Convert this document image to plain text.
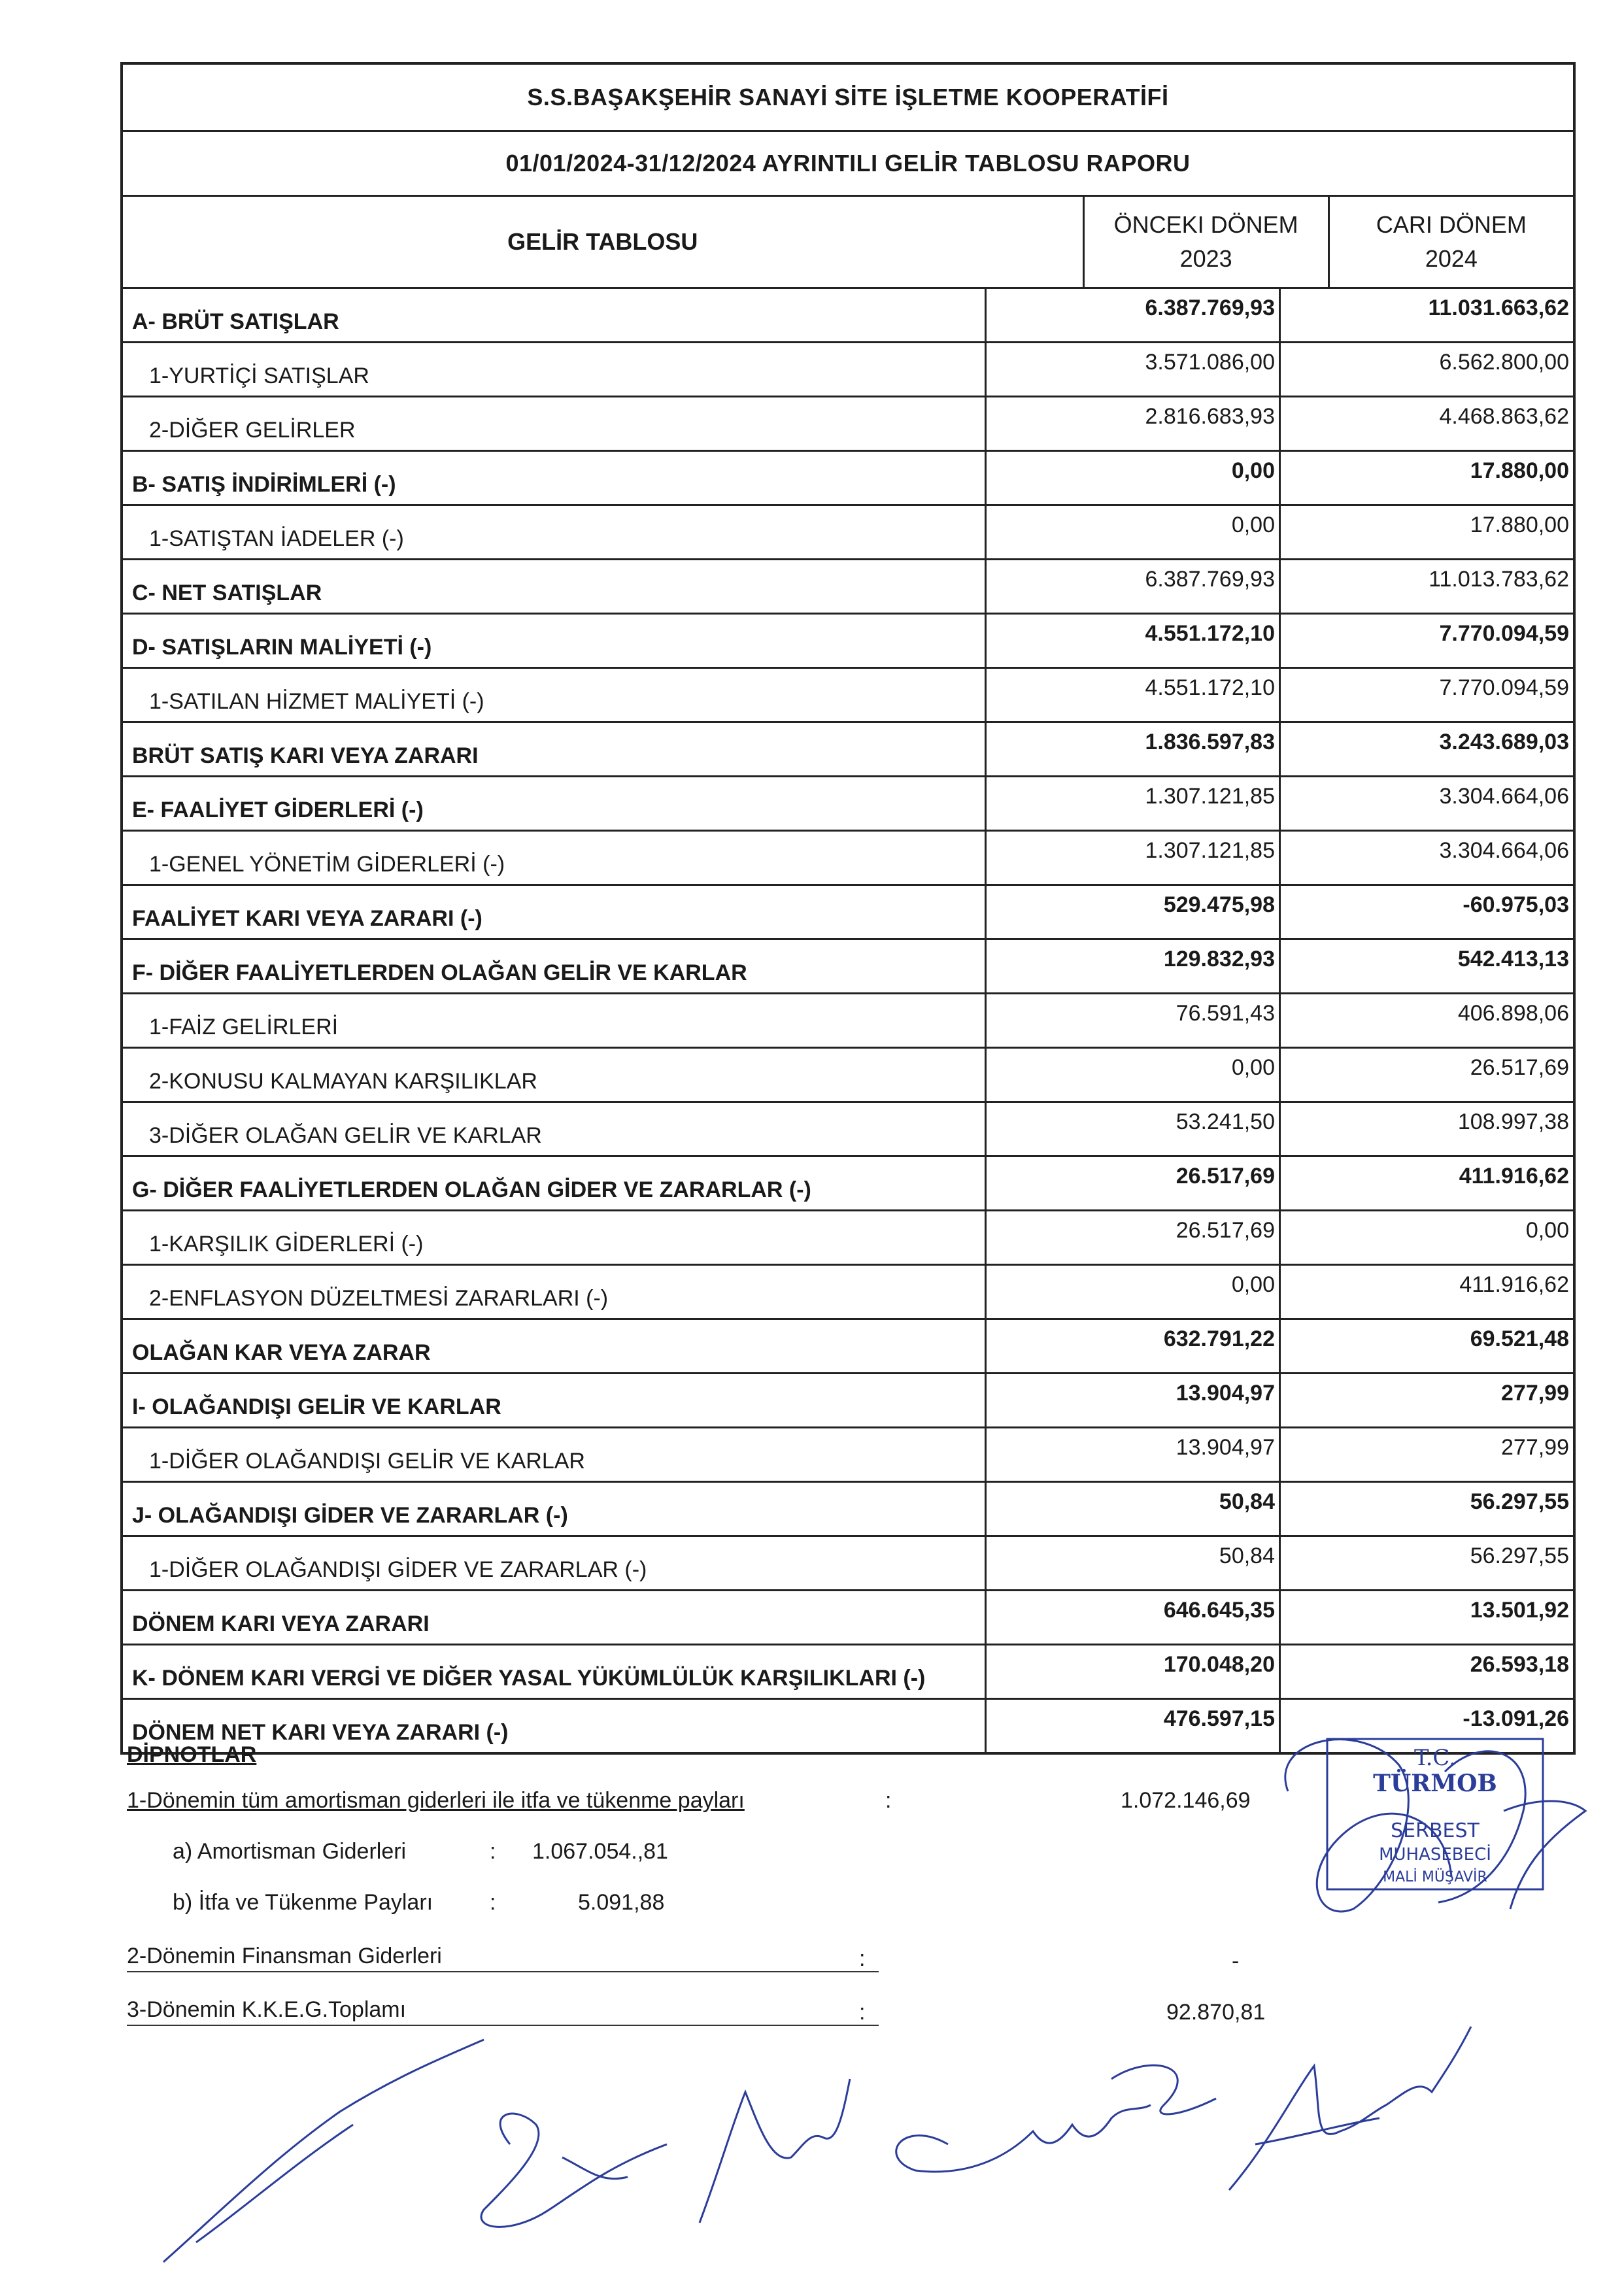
S.S.BAŞAKŞEHİR SANAYİ SİTE İŞLETME KOOPERATİFİ
01/01/2024-31/12/2024 AYRINTILI GELİR TABLOSU RAPORU
GELİR TABLOSU
ÖNCEKI DÖNEM
2023
CARI DÖNEM
2024
A- BRÜT SATIŞLAR
6.387.769,93	11.031.663,62
1-YURTİÇİ SATIŞLAR
3.571.086,00	6.562.800,00
2-DİĞER GELİRLER
2.816.683,93	4.468.863,62
B- SATIŞ İNDİRİMLERİ (-)
0,00	17.880,00
1-SATIŞTAN İADELER (-)
0,00	17.880,00
C- NET SATIŞLAR
6.387.769,93	11.013.783,62
D- SATIŞLARIN MALİYETİ (-)
4.551.172,10	7.770.094,59
1-SATILAN HİZMET MALİYETİ (-)
4.551.172,10	7.770.094,59
BRÜT SATIŞ KARI VEYA ZARARI
1.836.597,83	3.243.689,03
E- FAALİYET GİDERLERİ (-)
1.307.121,85	3.304.664,06
1-GENEL YÖNETİM GİDERLERİ (-)
1.307.121,85	3.304.664,06
FAALİYET KARI VEYA ZARARI (-)
529.475,98	-60.975,03
F- DİĞER FAALİYETLERDEN OLAĞAN GELİR VE KARLAR
129.832,93	542.413,13
1-FAİZ GELİRLERİ
76.591,43	406.898,06
2-KONUSU KALMAYAN KARŞILIKLAR
0,00	26.517,69
3-DİĞER OLAĞAN GELİR VE KARLAR
53.241,50	108.997,38
G- DİĞER FAALİYETLERDEN OLAĞAN GİDER VE ZARARLAR (-)
26.517,69	411.916,62
1-KARŞILIK GİDERLERİ (-)
26.517,69	0,00
2-ENFLASYON DÜZELTMESİ ZARARLARI (-)
0,00	411.916,62
OLAĞAN KAR VEYA ZARAR
632.791,22	69.521,48
I- OLAĞANDIŞI GELİR VE KARLAR
13.904,97	277,99
1-DİĞER OLAĞANDIŞI GELİR VE KARLAR
13.904,97	277,99
J- OLAĞANDIŞI GİDER VE ZARARLAR (-)
50,84	56.297,55
1-DİĞER OLAĞANDIŞI GİDER VE ZARARLAR (-)
50,84	56.297,55
DÖNEM KARI VEYA ZARARI
646.645,35	13.501,92
K- DÖNEM KARI VERGİ VE DİĞER YASAL YÜKÜMLÜLÜK KARŞILIKLARI (-)
170.048,20	26.593,18
DÖNEM NET KARI VEYA ZARARI (-)
476.597,15	-13.091,26
DİPNOTLAR
1-Dönemin tüm amortisman giderleri ile itfa ve tükenme payları	:	1.072.146,69
a) Amortisman Giderleri	: 1.067.054.,81
b) İtfa ve Tükenme Payları	:	5.091,88
2-Dönemin Finansman Giderleri	:	-
3-Dönemin K.K.E.G.Toplamı	:	92.870,81
T.C.
TÜRMOB
SERBEST
MUHASEBECİ
MALİ MÜŞAVİR
